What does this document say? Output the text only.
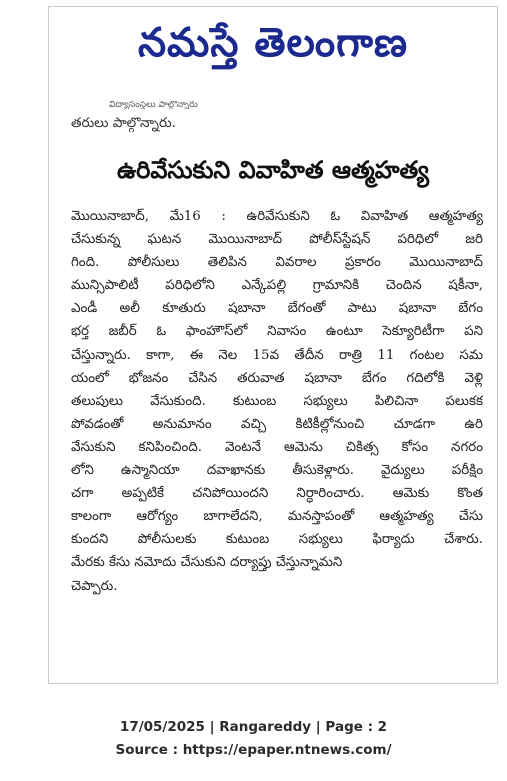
నమస్తే తెలంగాణ
విద్యాసంస్థలు పాల్గొన్నారు
తరులు పాల్గొన్నారు.
ఉరివేసుకుని వివాహిత ఆత్మహత్య
మొయినాబాద్, మే16 : ఉరివేసుకుని ఓ వివాహిత ఆత్మహత్య
చేసుకున్న ఘటన మొయినాబాద్ పోలీస్‌స్టేషన్ పరిధిలో జరి
గింది. పోలీసులు తెలిపిన వివరాల ప్రకారం మొయినాబాద్
మున్సిపాలిటీ పరిధిలోని ఎన్కేపల్లి గ్రామానికి చెందిన షకీనా,
ఎండీ అలీ కూతురు షబానా బేగంతో పాటు షబానా బేగం
భర్త జబీర్ ఓ ఫాంహౌస్‌లో నివాసం ఉంటూ సెక్యూరిటీగా పని
చేస్తున్నారు. కాగా, ఈ నెల 15వ తేదీన రాత్రి 11 గంటల సమ
యంలో భోజనం చేసిన తరువాత షబానా బేగం గదిలోకి వెళ్లి
తలుపులు వేసుకుంది. కుటుంబ సభ్యులు పిలిచినా పలుకక
పోవడంతో అనుమానం వచ్చి కిటికీల్లోనుంచి చూడగా ఉరి
వేసుకుని కనిపించింది. వెంటనే ఆమెను చికిత్స కోసం నగరం
లోని ఉస్మానియా దవాఖానకు తీసుకెళ్లారు. వైద్యులు పరీక్షిం
చగా అప్పటికే చనిపోయిందని నిర్ధారించారు. ఆమెకు కొంత
కాలంగా ఆరోగ్యం బాగాలేదని, మనస్తాపంతో ఆత్మహత్య చేసు
కుందని పోలీసులకు కుటుంబ సభ్యులు ఫిర్యాదు చేశారు.
మేరకు కేసు నమోదు చేసుకుని దర్యాప్తు చేస్తున్నామని
చెప్పారు.
17/05/2025 | Rangareddy | Page : 2
Source : https://epaper.ntnews.com/
